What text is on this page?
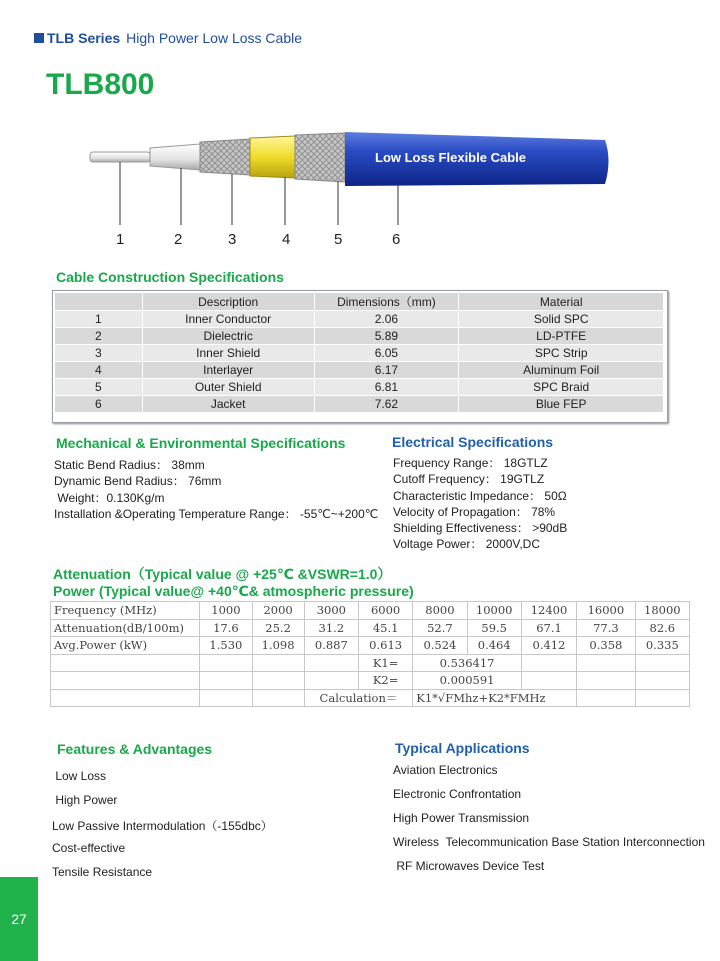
TLB Series High Power Low Loss Cable
TLB800
Low Loss Flexible Cable
1	2	3	4	5	6
Cable Construction Specifications
	Description	Dimensions（mm)	Material
1	Inner Conductor	2.06	Solid SPC
2	Dielectric	5.89	LD-PTFE
3	Inner Shield	6.05	SPC Strip
4	Interlayer	6.17	Aluminum Foil
5	Outer Shield	6.81	SPC Braid
6	Jacket	7.62	Blue FEP
Mechanical & Environmental Specifications
Static Bend Radius： 38mm
Dynamic Bend Radius： 76mm
Weight：0.130Kg/m
Installation &Operating Temperature Range： -55℃~+200℃
Electrical Specifications
Frequency Range： 18GTLZ
Cutoff Frequency： 19GTLZ
Characteristic Impedance： 50Ω
Velocity of Propagation： 78%
Shielding Effectiveness： >90dB
Voltage Power： 2000V,DC
Attenuation（Typical value @ +25℃ &VSWR=1.0）
Power (Typical value@ +40℃& atmospheric pressure)
Frequency (MHz)	1000	2000	3000	6000	8000	10000	12400	16000	18000
Attenuation(dB/100m)	17.6	25.2	31.2	45.1	52.7	59.5	67.1	77.3	82.6
Avg.Power (kW)	1.530	1.098	0.887	0.613	0.524	0.464	0.412	0.358	0.335
				K1=	0.536417				
				K2=	0.000591				
			Calculation＝		K1*√FMhz+K2*FMHz				
Features & Advantages
Low Loss
High Power
Low Passive Intermodulation（-155dbc）
Cost-effective
Tensile Resistance
Typical Applications
Aviation Electronics
Electronic Confrontation
High Power Transmission
Wireless  Telecommunication Base Station Interconnection
RF Microwaves Device Test
27
